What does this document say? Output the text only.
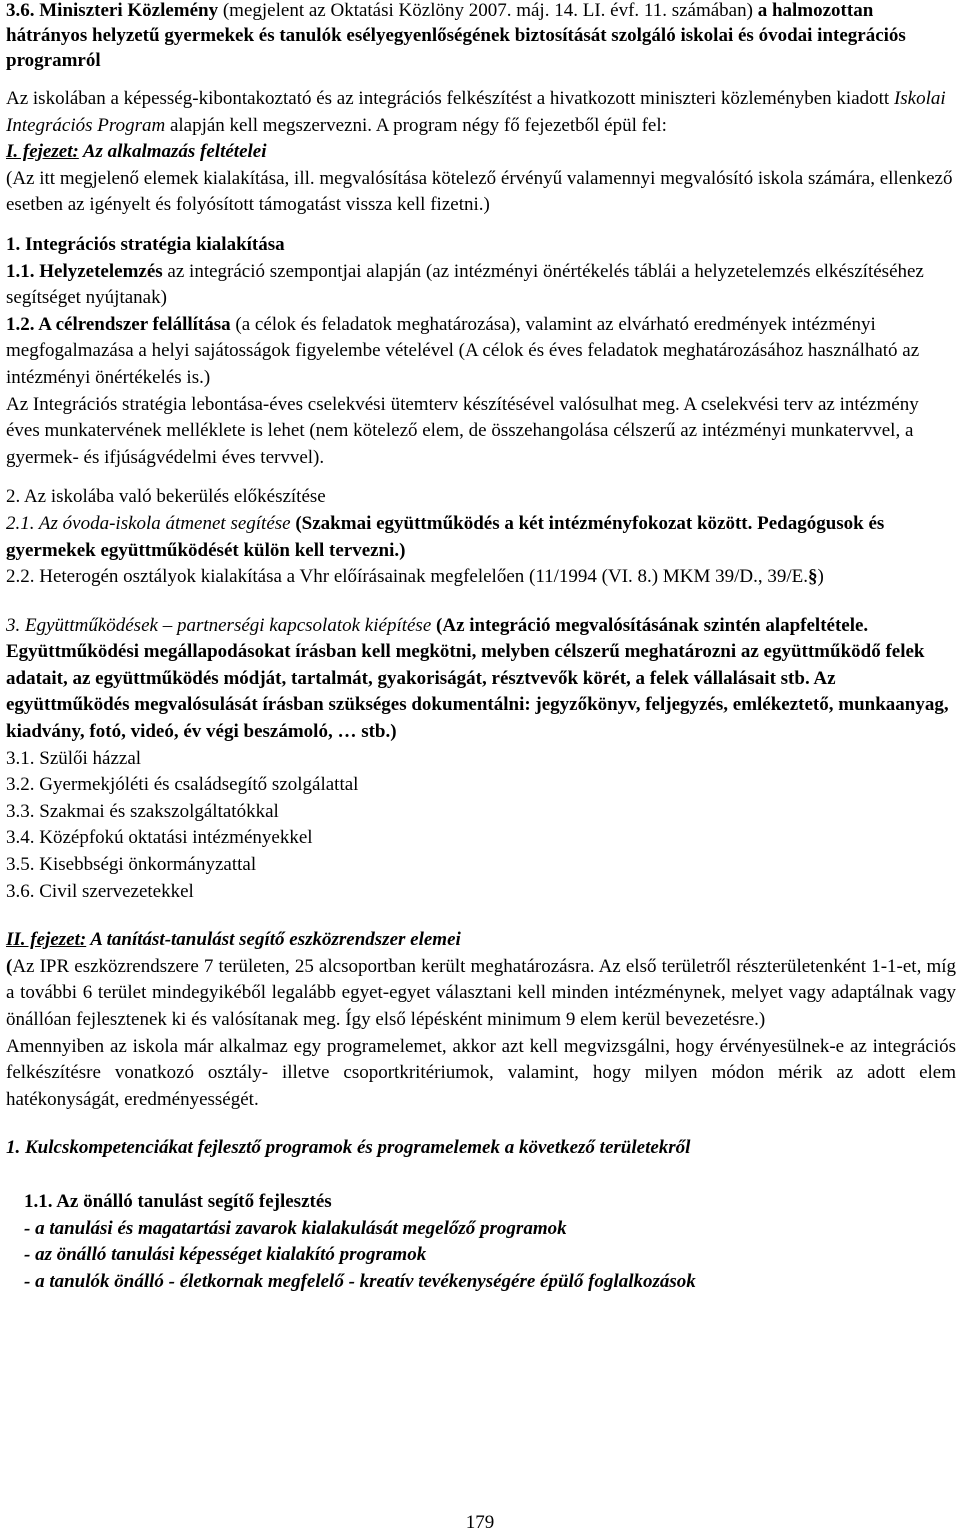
3.6. Miniszteri Közlemény (megjelent az Oktatási Közlöny 2007. máj. 14. LI. évf. 11. számában) a halmozottan hátrányos helyzetű gyermekek és tanulók esélyegyenlőségének biztosítását szolgáló iskolai és óvodai integrációs programról

Az iskolában a képesség-kibontakoztató és az integrációs felkészítést a hivatkozott miniszteri közleményben kiadott Iskolai Integrációs Program alapján kell megszervezni. A program négy fő fejezetből épül fel:

I. fejezet: Az alkalmazás feltételei

(Az itt megjelenő elemek kialakítása, ill. megvalósítása kötelező érvényű valamennyi megvalósító iskola számára, ellenkező esetben az igényelt és folyósított támogatást vissza kell fizetni.)

1. Integrációs stratégia kialakítása

1.1. Helyzetelemzés az integráció szempontjai alapján (az intézményi önértékelés táblái a helyzetelemzés elkészítéséhez segítséget nyújtanak)

1.2. A célrendszer felállítása (a célok és feladatok meghatározása), valamint az elvárható eredmények intézményi megfogalmazása a helyi sajátosságok figyelembe vételével (A célok és éves feladatok meghatározásához használható az intézményi önértékelés is.)

Az Integrációs stratégia lebontása-éves cselekvési ütemterv készítésével valósulhat meg. A cselekvési terv az intézmény éves munkatervének melléklete is lehet (nem kötelező elem, de összehangolása célszerű az intézményi munkatervvel, a gyermek- és ifjúságvédelmi éves tervvel).

2. Az iskolába való bekerülés előkészítése

2.1. Az óvoda-iskola átmenet segítése (Szakmai együttműködés a két intézményfokozat között. Pedagógusok és gyermekek együttműködését külön kell tervezni.)

2.2. Heterogén osztályok kialakítása a Vhr előírásainak megfelelően (11/1994 (VI. 8.) MKM 39/D., 39/E.§)

3. Együttműködések – partnerségi kapcsolatok kiépítése (Az integráció megvalósításának szintén alapfeltétele. Együttműködési megállapodásokat írásban kell megkötni, melyben célszerű meghatározni az együttműködő felek adatait, az együttműködés módját, tartalmát, gyakoriságát, résztvevők körét, a felek vállalásait stb. Az együttműködés megvalósulását írásban szükséges dokumentálni: jegyzőkönyv, feljegyzés, emlékeztető, munkaanyag, kiadvány, fotó, videó, év végi beszámoló, … stb.)

3.1. Szülői házzal

3.2. Gyermekjóléti és családsegítő szolgálattal

3.3. Szakmai és szakszolgáltatókkal

3.4. Középfokú oktatási intézményekkel

3.5. Kisebbségi önkormányzattal

3.6. Civil szervezetekkel

II. fejezet: A tanítást-tanulást segítő eszközrendszer elemei

(Az IPR eszközrendszere 7 területen, 25 alcsoportban került meghatározásra. Az első területről részterületenként 1-1-et, míg a további 6 terület mindegyikéből legalább egyet-egyet választani kell minden intézménynek, melyet vagy adaptálnak vagy önállóan fejlesztenek ki és valósítanak meg. Így első lépésként minimum 9 elem kerül bevezetésre.)

Amennyiben az iskola már alkalmaz egy programelemet, akkor azt kell megvizsgálni, hogy érvényesülnek-e az integrációs felkészítésre vonatkozó osztály- illetve csoportkritériumok, valamint, hogy milyen módon mérik az adott elem hatékonyságát, eredményességét.

1. Kulcskompetenciákat fejlesztő programok és programelemek a következő területekről

1.1. Az önálló tanulást segítő fejlesztés

- a tanulási és magatartási zavarok kialakulását megelőző programok

- az önálló tanulási képességet kialakító programok

- a tanulók önálló - életkornak megfelelő - kreatív tevékenységére épülő foglalkozások

179
